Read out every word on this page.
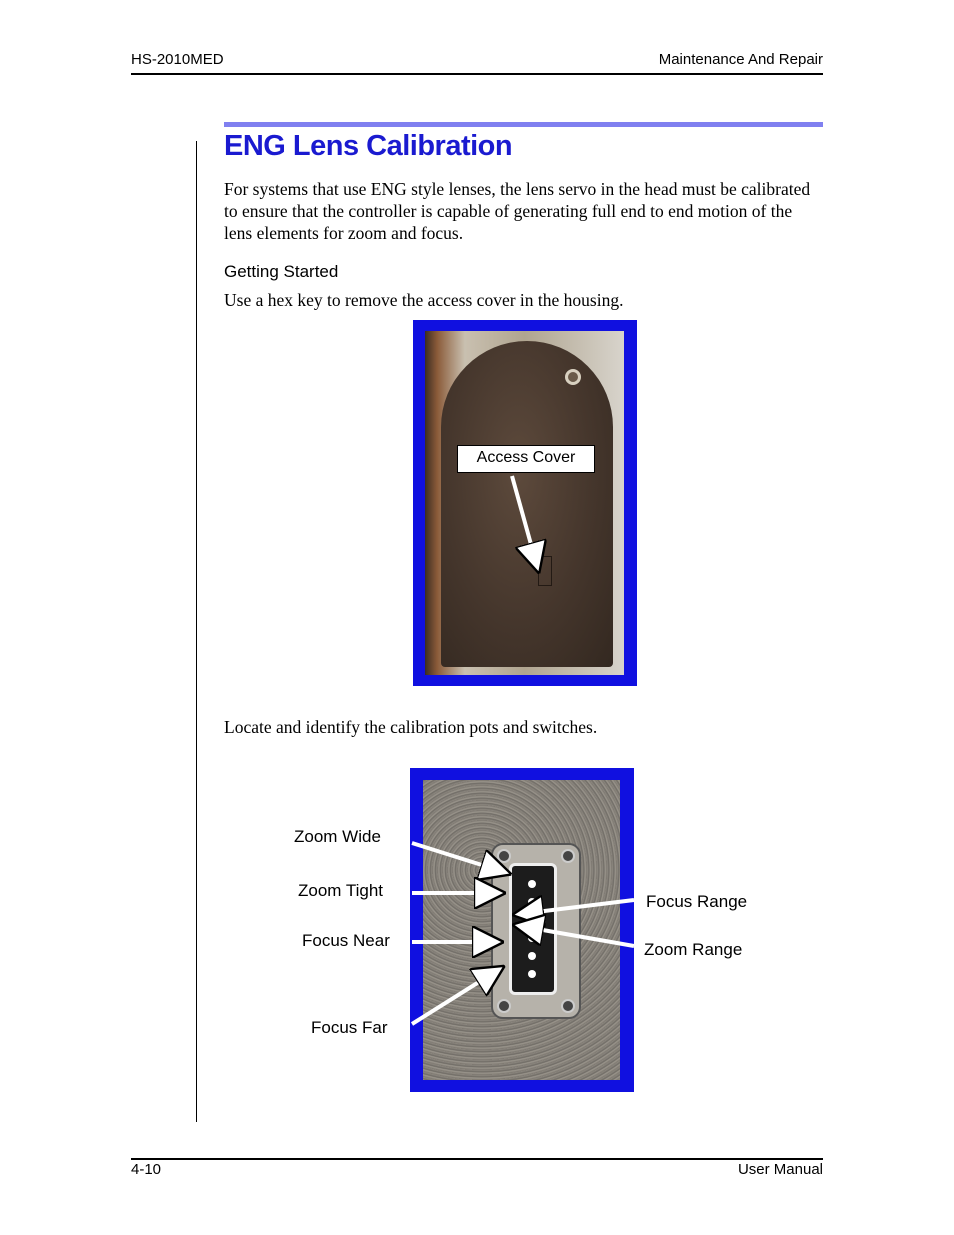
HS-2010MED	Maintenance And Repair
ENG Lens Calibration
For systems that use ENG style lenses, the lens servo in the head must be calibrated to ensure that the controller is capable of generating full end to end motion of the lens elements for zoom and focus.
Getting Started
Use a hex key to remove the access cover in the housing.
Access Cover
Locate and identify the calibration pots and switches.
Zoom Wide
Zoom Tight
Focus Near
Focus Far
Focus Range
Zoom Range
4-10	User Manual
